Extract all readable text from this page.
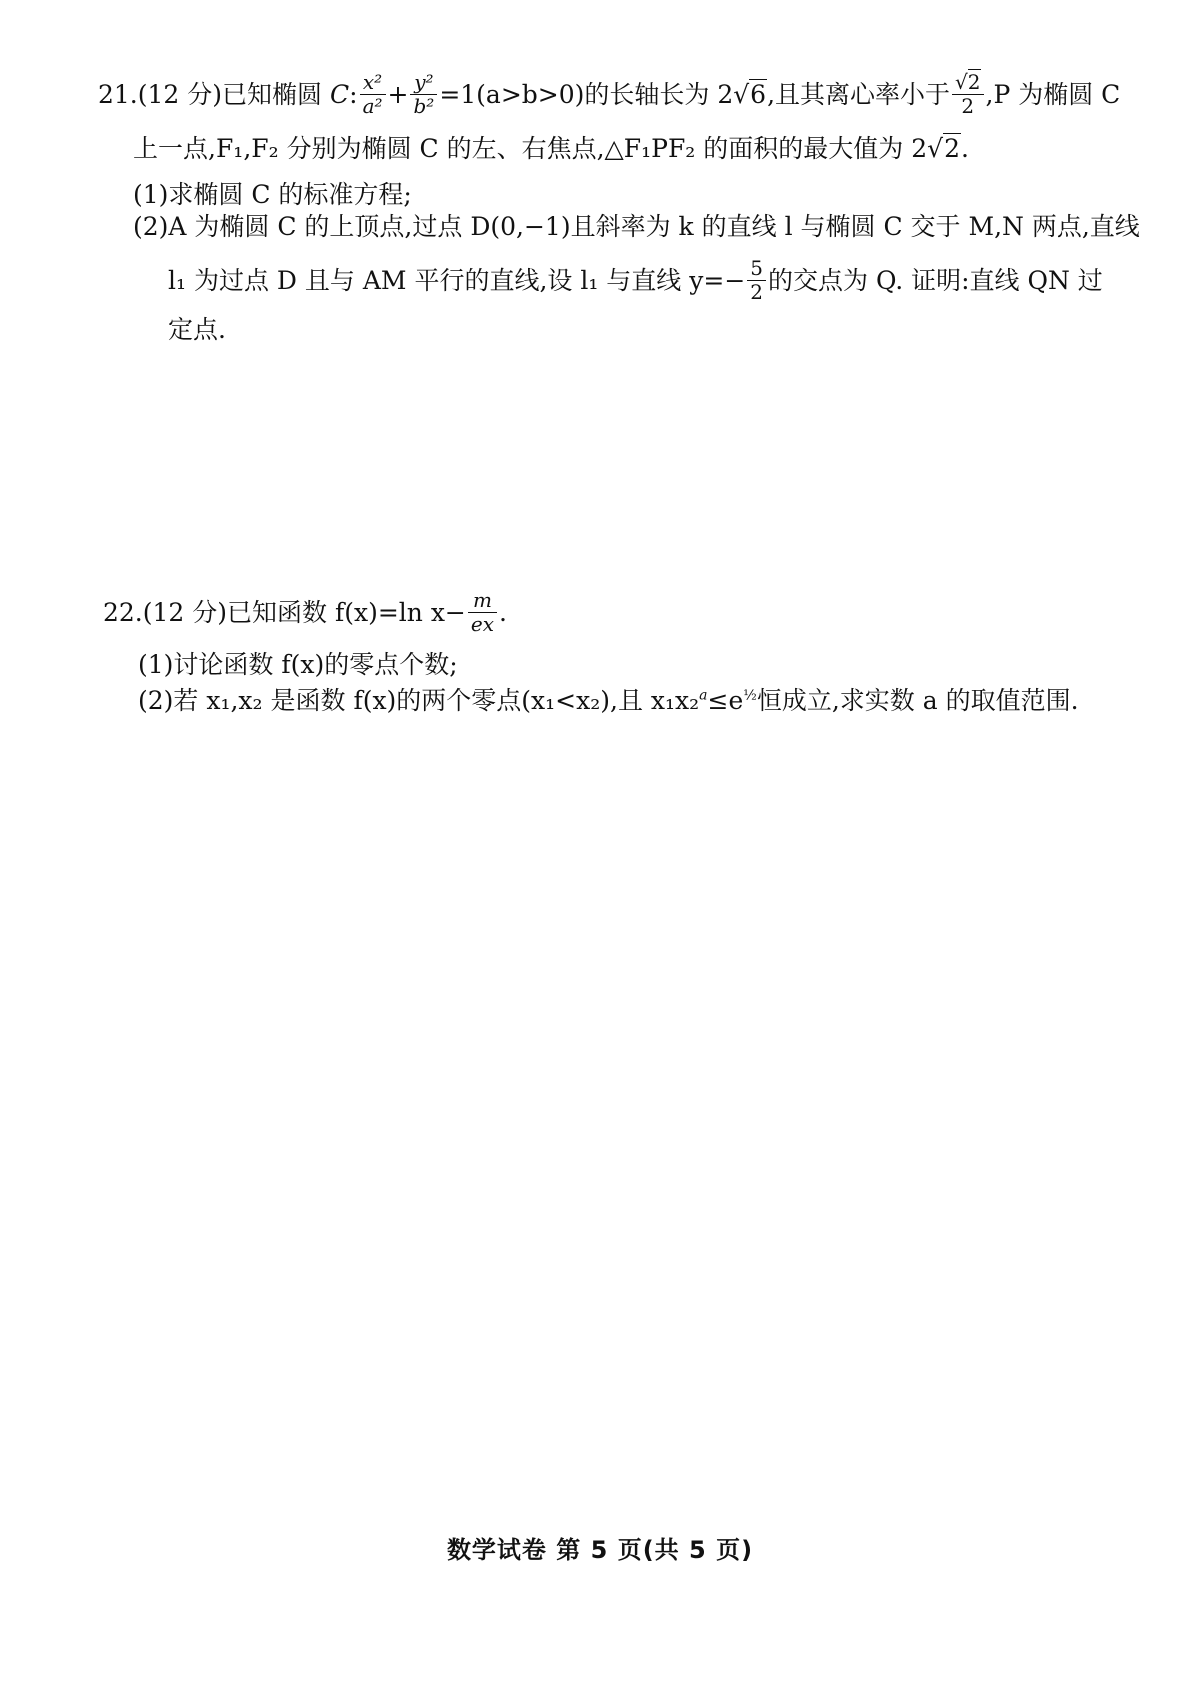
21.(12 分)已知椭圆 C: $\frac{\text{x²}}{\text{a²}} + \frac{\text{y²}}{\text{b²}} =1(a>b>0)$的长轴长为 2√6,且其离心率小于 $\frac{√2}{2} ,P$ 为椭圆 C
上一点,F₁,F₂ 分别为椭圆 C 的左、右焦点,△F₁PF₂ 的面积的最大值为 2√2.
(1)求椭圆 C 的标准方程;
(2)A 为椭圆 C 的上顶点,过点 D(0,−1)且斜率为 k 的直线 l 与椭圆 C 交于 M,N 两点,直线
l₁ 为过点 D 且与 AM 平行的直线,设 l₁ 与直线 $y=- \frac{5}{2}$ 的交点为 Q. 证明:直线 QN 过
定点.
22.(12 分)已知函数 f(x)=ln $x- \frac{m}{ex}$ .
(1)讨论函数 f(x)的零点个数;
(2)若 x₁,x₂ 是函数 f(x)的两个零点(x₁<x₂),且 $x_1x_2^a\le e^{\frac{1}{2}}$恒成立,求实数 a 的取值范围.
数学试卷 第 5 页(共 5 页)
